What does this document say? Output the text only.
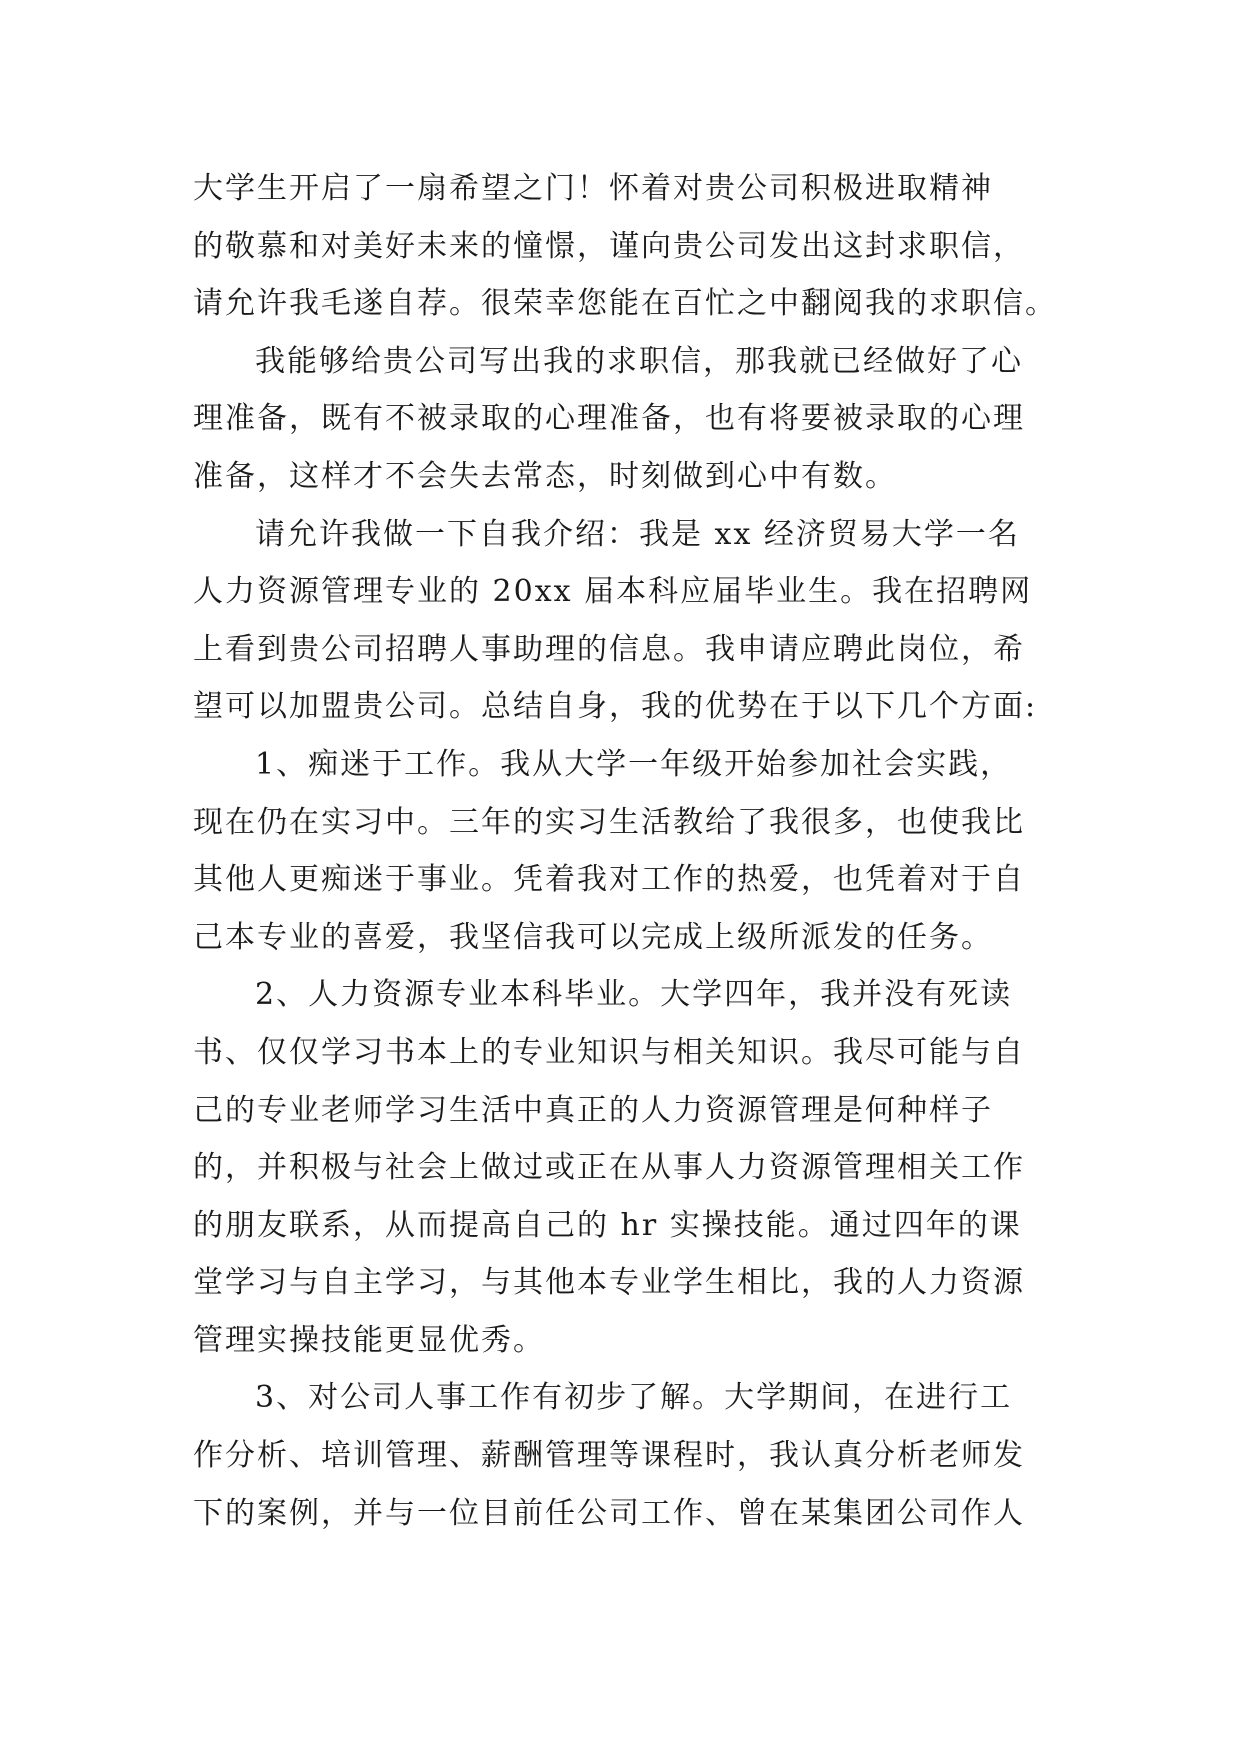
大学生开启了一扇希望之门！怀着对贵公司积极进取精神
的敬慕和对美好未来的憧憬，谨向贵公司发出这封求职信，
请允许我毛遂自荐。很荣幸您能在百忙之中翻阅我的求职信。
我能够给贵公司写出我的求职信，那我就已经做好了心
理准备，既有不被录取的心理准备，也有将要被录取的心理
准备，这样才不会失去常态，时刻做到心中有数。
请允许我做一下自我介绍：我是 xx 经济贸易大学一名
人力资源管理专业的 20xx 届本科应届毕业生。我在招聘网
上看到贵公司招聘人事助理的信息。我申请应聘此岗位，希
望可以加盟贵公司。总结自身，我的优势在于以下几个方面:
1、痴迷于工作。我从大学一年级开始参加社会实践，
现在仍在实习中。三年的实习生活教给了我很多，也使我比
其他人更痴迷于事业。凭着我对工作的热爱，也凭着对于自
己本专业的喜爱，我坚信我可以完成上级所派发的任务。
2、人力资源专业本科毕业。大学四年，我并没有死读
书、仅仅学习书本上的专业知识与相关知识。我尽可能与自
己的专业老师学习生活中真正的人力资源管理是何种样子
的，并积极与社会上做过或正在从事人力资源管理相关工作
的朋友联系，从而提高自己的 hr 实操技能。通过四年的课
堂学习与自主学习，与其他本专业学生相比，我的人力资源
管理实操技能更显优秀。
3、对公司人事工作有初步了解。大学期间，在进行工
作分析、培训管理、薪酬管理等课程时，我认真分析老师发
下的案例，并与一位目前任公司工作、曾在某集团公司作人
